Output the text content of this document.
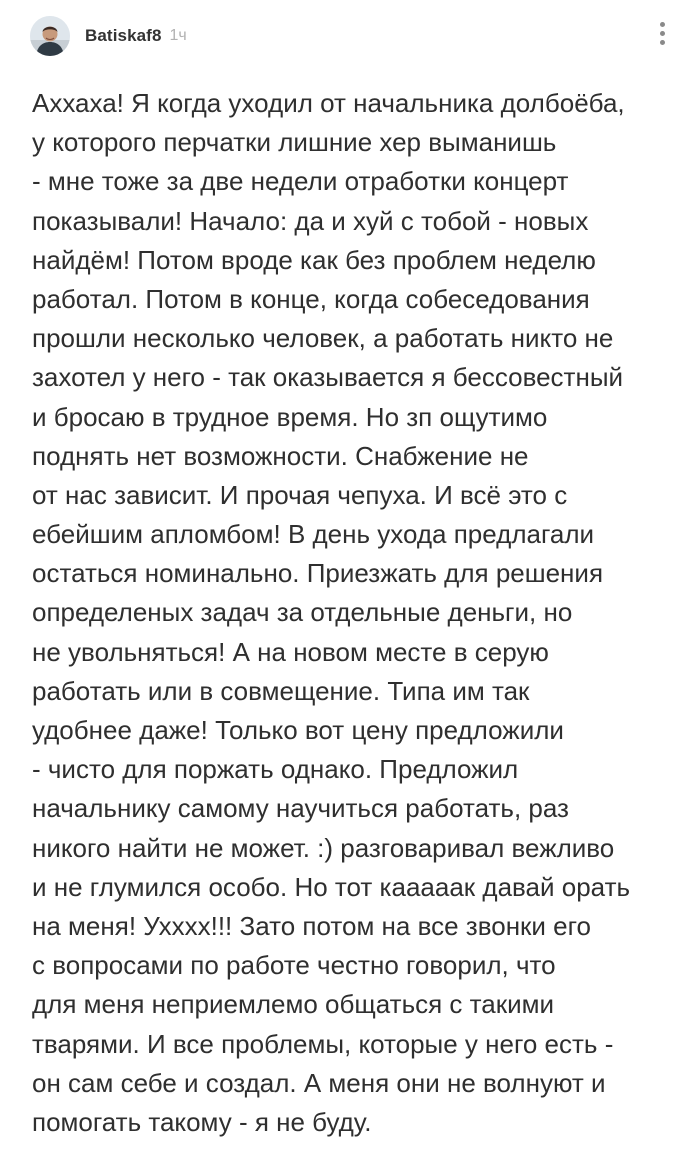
Batiskaf8 1ч
Аххаха! Я когда уходил от начальника долбоёба,
у которого перчатки лишние хер выманишь
- мне тоже за две недели отработки концерт
показывали! Начало: да и хуй с тобой - новых
найдём! Потом вроде как без проблем неделю
работал. Потом в конце, когда собеседования
прошли несколько человек, а работать никто не
захотел у него - так оказывается я бессовестный
и бросаю в трудное время. Но зп ощутимо
поднять нет возможности. Снабжение не
от нас зависит. И прочая чепуха. И всё это с
ебейшим апломбом! В день ухода предлагали
остаться номинально. Приезжать для решения
определеных задач за отдельные деньги, но
не увольняться! А на новом месте в серую
работать или в совмещение. Типа им так
удобнее даже! Только вот цену предложили
- чисто для поржать однако. Предложил
начальнику самому научиться работать, раз
никого найти не может. :) разговаривал вежливо
и не глумился особо. Но тот кааааак давай орать
на меня! Ухххх!!! Зато потом на все звонки его
с вопросами по работе честно говорил, что
для меня неприемлемо общаться с такими
тварями. И все проблемы, которые у него есть -
он сам себе и создал. А меня они не волнуют и
помогать такому - я не буду.
